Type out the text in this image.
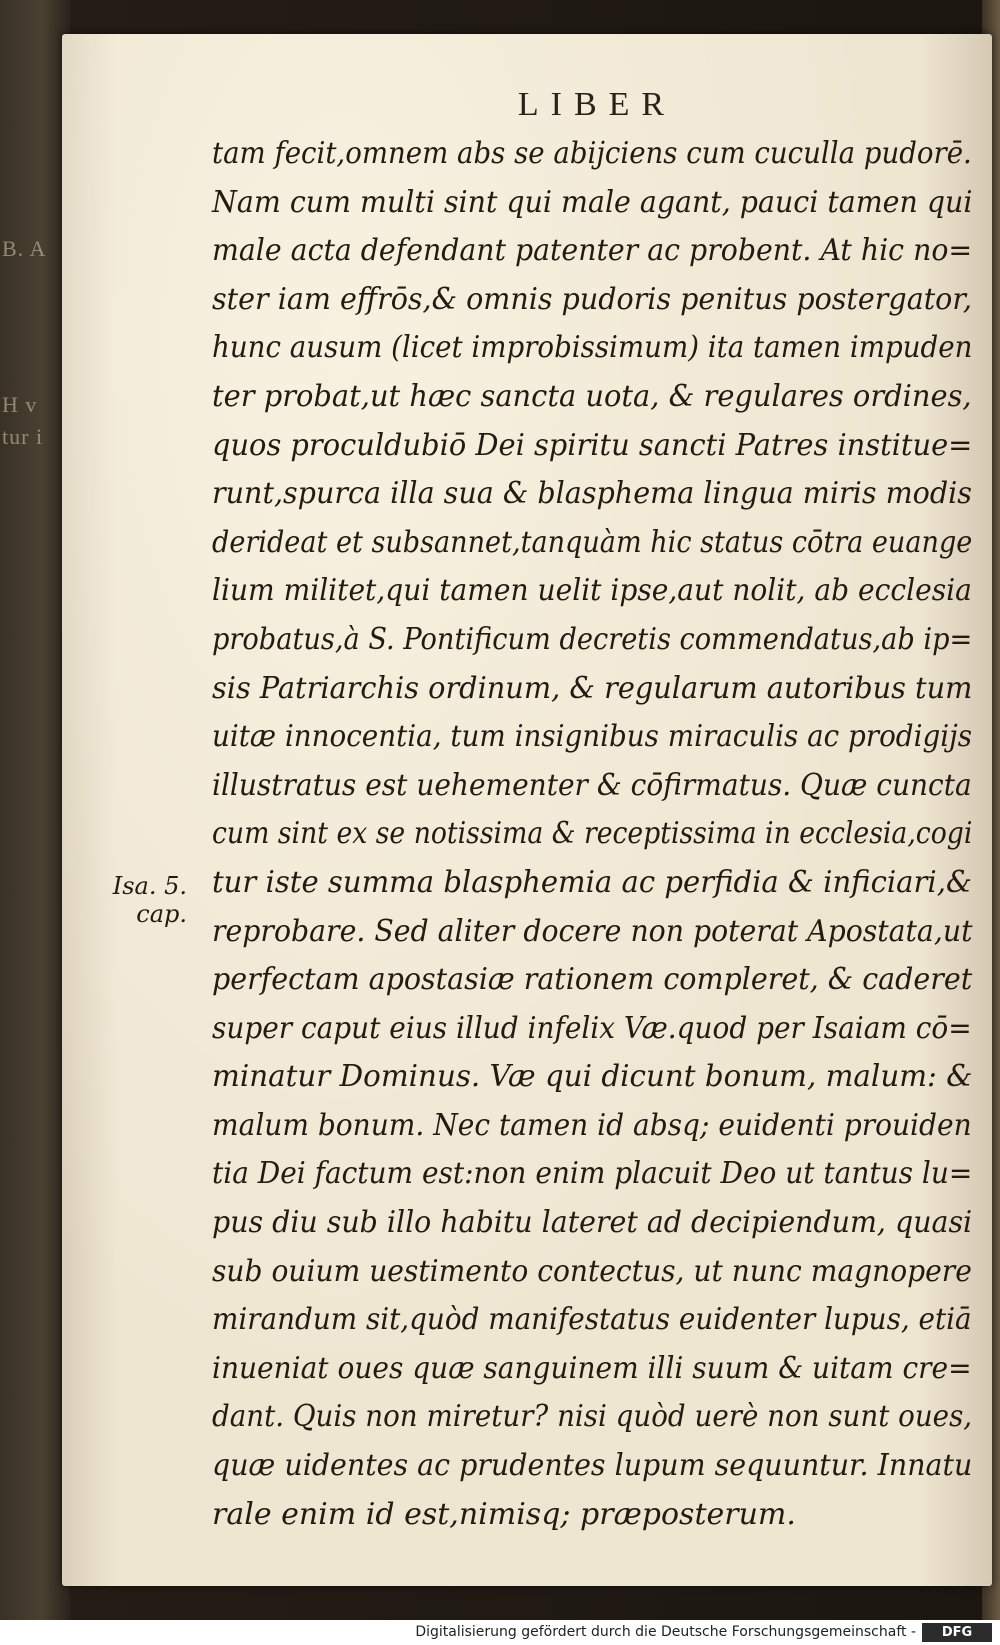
B. A
H v
tur i
LIBER
Isa. 5. cap.
tam fecit,omnem abs se abijciens cum cuculla pudorē.
Nam cum multi sint qui male agant, pauci tamen qui
male acta defendant patenter ac probent. At hic no=
ster iam effrōs,& omnis pudoris penitus postergator,
hunc ausum (licet improbissimum) ita tamen impuden
ter probat,ut hæc sancta uota, & regulares ordines,
quos proculdubiō Dei spiritu sancti Patres institue=
runt,spurca illa sua & blasphema lingua miris modis
derideat et subsannet,tanquàm hic status cōtra euange
lium militet,qui tamen uelit ipse,aut nolit, ab ecclesia
probatus,à S. Pontificum decretis commendatus,ab ip=
sis Patriarchis ordinum, & regularum autoribus tum
uitæ innocentia, tum insignibus miraculis ac prodigijs
illustratus est uehementer & cōfirmatus. Quæ cuncta
cum sint ex se notissima & receptissima in ecclesia,cogi
tur iste summa blasphemia ac perfidia & inficiari,&
reprobare. Sed aliter docere non poterat Apostata,ut
perfectam apostasiæ rationem compleret, & caderet
super caput eius illud infelix Væ.quod per Isaiam cō=
minatur Dominus. Væ qui dicunt bonum, malum: &
malum bonum. Nec tamen id absq; euidenti prouiden
tia Dei factum est:non enim placuit Deo ut tantus lu=
pus diu sub illo habitu lateret ad decipiendum, quasi
sub ouium uestimento contectus, ut nunc magnopere
mirandum sit,quòd manifestatus euidenter lupus, etiā
inueniat oues quæ sanguinem illi suum & uitam cre=
dant. Quis non miretur? nisi quòd uerè non sunt oues,
quæ uidentes ac prudentes lupum sequuntur. Innatu
rale enim id est,nimisq; præposterum.
Digitalisierung gefördert durch die Deutsche Forschungsgemeinschaft -	DFG
